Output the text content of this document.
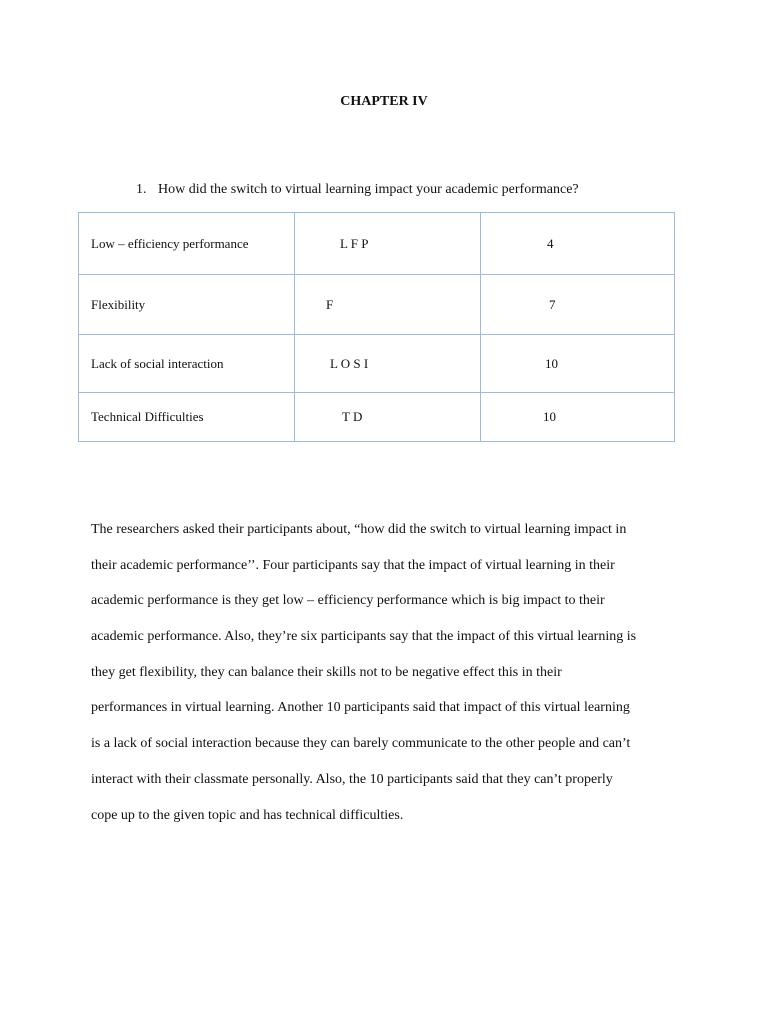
CHAPTER IV
1. How did the switch to virtual learning impact your academic performance?
Low – efficiency performance	L F P	4
Flexibility	F	7
Lack of social interaction	L O S I	10
Technical Difficulties	T D	10
The researchers asked their participants about, “how did the switch to virtual learning impact in
their academic performance’’. Four participants say that the impact of virtual learning in their
academic performance is they get low – efficiency performance which is big impact to their
academic performance. Also, they’re six participants say that the impact of this virtual learning is
they get flexibility, they can balance their skills not to be negative effect this in their
performances in virtual learning. Another 10 participants said that impact of this virtual learning
is a lack of social interaction because they can barely communicate to the other people and can’t
interact with their classmate personally. Also, the 10 participants said that they can’t properly
cope up to the given topic and has technical difficulties.
